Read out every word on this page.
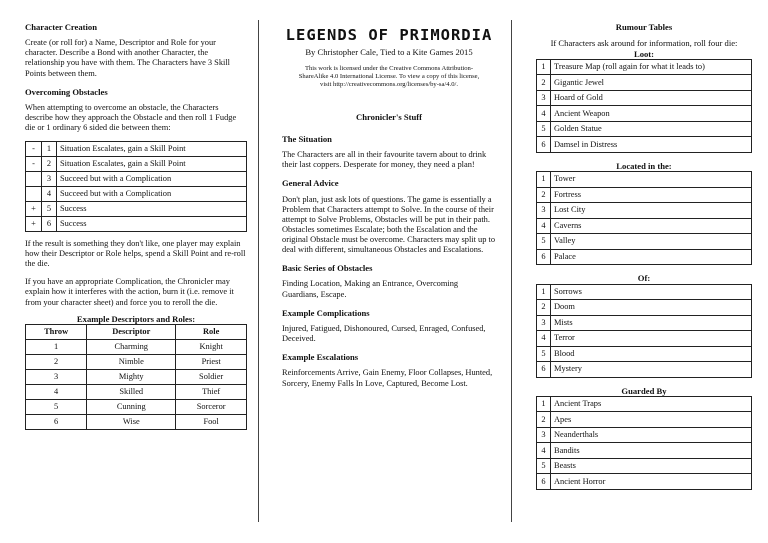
Character Creation

Create (or roll for) a Name, Descriptor and Role for your character. Describe a Bond with another Character, the relationship you have with them. The Characters have 3 Skill Points between them.

Overcoming Obstacles

When attempting to overcome an obstacle, the Characters describe how they approach the Obstacle and then roll 1 Fudge die or 1 ordinary 6 sided die between them:

-	1	Situation Escalates, gain a Skill Point
-	2	Situation Escalates, gain a Skill Point
	3	Succeed but with a Complication
	4	Succeed but with a Complication
+	5	Success
+	6	Success

If the result is something they don't like, one player may explain how their Descriptor or Role helps, spend a Skill Point and re-roll the die.

If you have an appropriate Complication, the Chronicler may explain how it interferes with the action, burn it (i.e. remove it from your character sheet) and force you to reroll the die.

Example Descriptors and Roles:
Throw	Descriptor	Role
1	Charming	Knight
2	Nimble	Priest
3	Mighty	Soldier
4	Skilled	Thief
5	Cunning	Sorceror
6	Wise	Fool
LEGENDS OF PRIMORDIA
By Christopher Cale, Tied to a Kite Games 2015
This work is licensed under the Creative Commons Attribution-
ShareAlike 4.0 International License. To view a copy of this license,
visit http://creativecommons.org/licenses/by-sa/4.0/.
Chronicler's Stuff
The Situation

The Characters are all in their favourite tavern about to drink their last coppers. Desperate for money, they need a plan!

General Advice

Don't plan, just ask lots of questions. The game is essentially a Problem that Characters attempt to Solve. In the course of their attempt to Solve Problems, Obstacles will be put in their path. Obstacles sometimes Escalate; both the Escalation and the original Obstacle must be overcome. Characters may split up to deal with different, simultaneous Obstacles and Escalations.

Basic Series of Obstacles

Finding Location, Making an Entrance, Overcoming Guardians, Escape.

Example Complications

Injured, Fatigued, Dishonoured, Cursed, Enraged, Confused, Deceived.

Example Escalations

Reinforcements Arrive, Gain Enemy, Floor Collapses, Hunted, Sorcery, Enemy Falls In Love, Captured, Become Lost.

Rumour Tables
If Characters ask around for information, roll four die:
Loot:
1	Treasure Map (roll again for what it leads to)
2	Gigantic Jewel
3	Hoard of Gold
4	Ancient Weapon
5	Golden Statue
6	Damsel in Distress
Located in the:
1	Tower
2	Fortress
3	Lost City
4	Caverns
5	Valley
6	Palace
Of:
1	Sorrows
2	Doom
3	Mists
4	Terror
5	Blood
6	Mystery
Guarded By
1	Ancient Traps
2	Apes
3	Neanderthals
4	Bandits
5	Beasts
6	Ancient Horror
